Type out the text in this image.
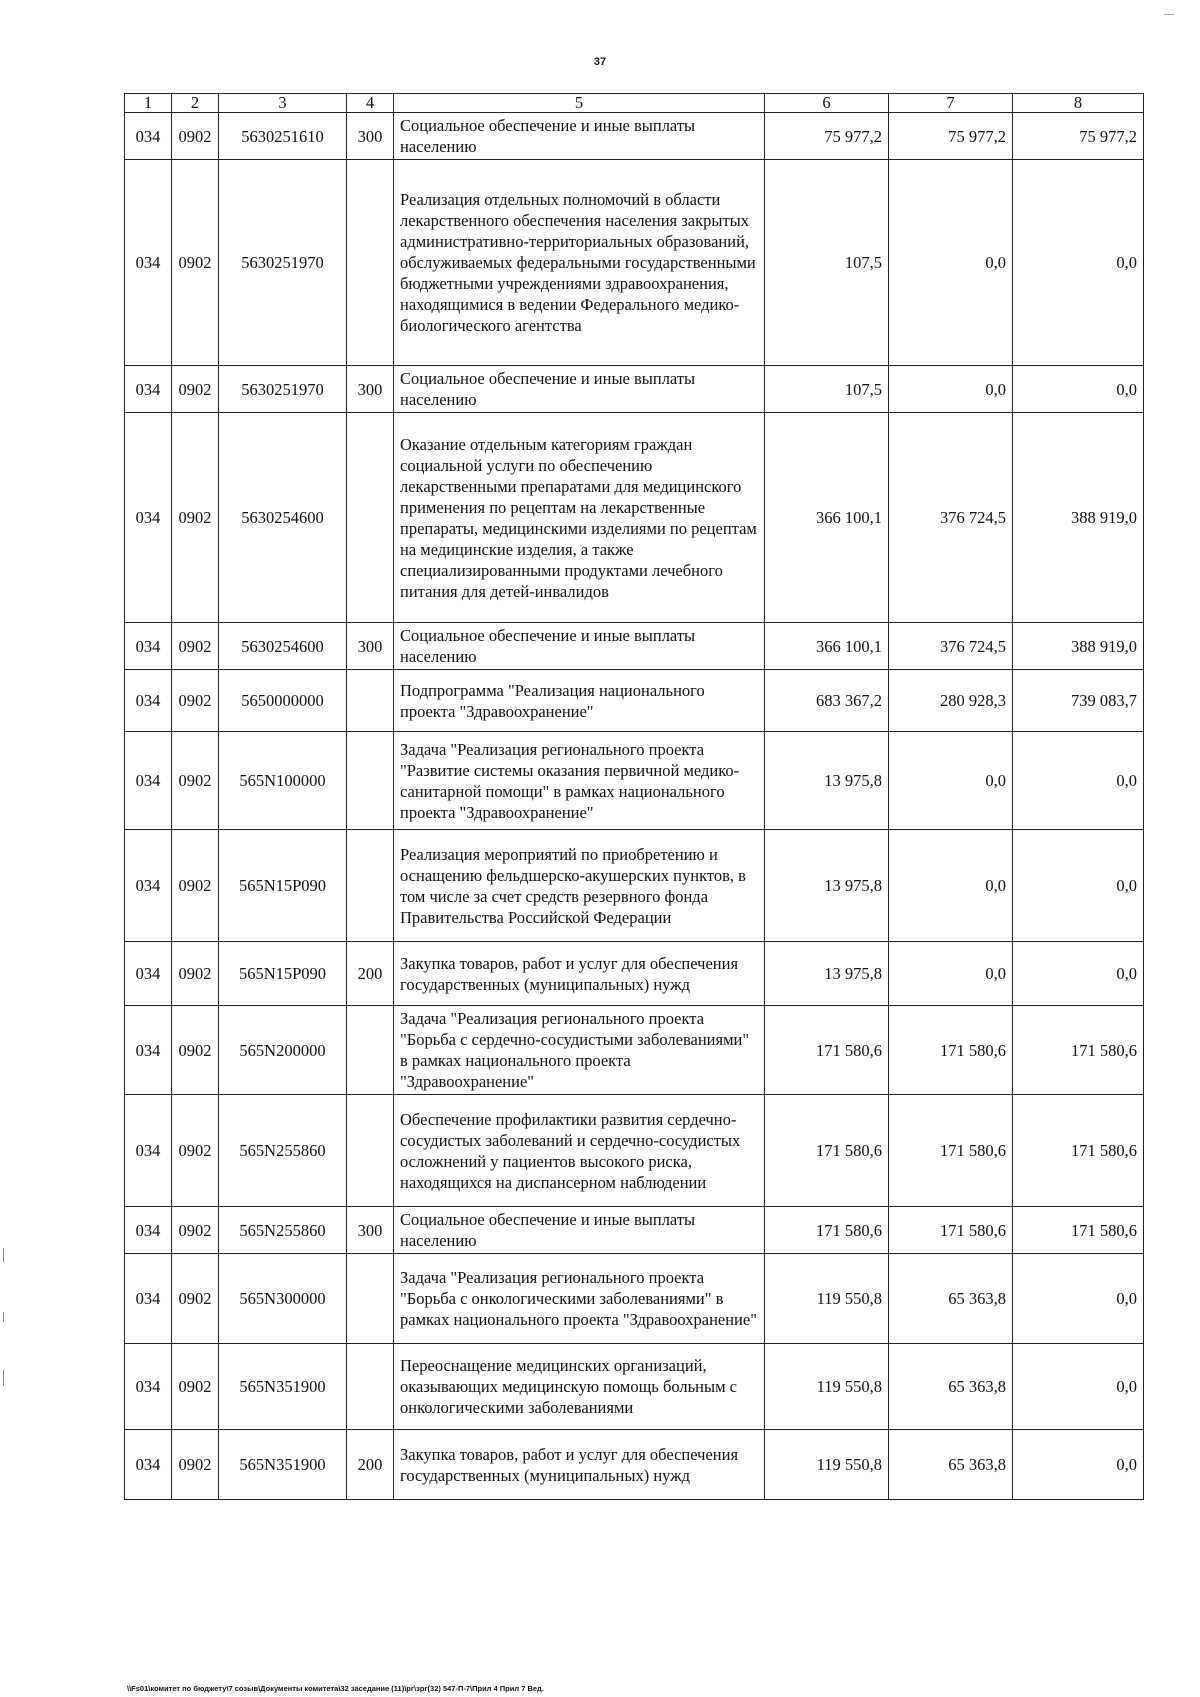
37
1	2	3	4	5	6	7	8
034	0902	5630251610	300	Социальное обеспечение и иные выплаты населению	75 977,2	75 977,2	75 977,2
034	0902	5630251970		Реализация отдельных полномочий в области лекарственного обеспечения населения закрытых административно-территориальных образований, обслуживаемых федеральными государственными бюджетными учреждениями здравоохранения, находящимися в ведении Федерального медико-биологического агентства	107,5	0,0	0,0
034	0902	5630251970	300	Социальное обеспечение и иные выплаты населению	107,5	0,0	0,0
034	0902	5630254600		Оказание отдельным категориям граждан социальной услуги по обеспечению лекарственными препаратами для медицинского применения по рецептам на лекарственные препараты, медицинскими изделиями по рецептам на медицинские изделия, а также специализированными продуктами лечебного питания для детей-инвалидов	366 100,1	376 724,5	388 919,0
034	0902	5630254600	300	Социальное обеспечение и иные выплаты населению	366 100,1	376 724,5	388 919,0
034	0902	5650000000		Подпрограмма "Реализация национального проекта "Здравоохранение"	683 367,2	280 928,3	739 083,7
034	0902	565N100000		Задача "Реализация регионального проекта "Развитие системы оказания первичной медико-санитарной помощи" в рамках национального проекта "Здравоохранение"	13 975,8	0,0	0,0
034	0902	565N15P090		Реализация мероприятий по приобретению и оснащению фельдшерско-акушерских пунктов, в том числе за счет средств резервного фонда Правительства Российской Федерации	13 975,8	0,0	0,0
034	0902	565N15P090	200	Закупка товаров, работ и услуг для обеспечения государственных (муниципальных) нужд	13 975,8	0,0	0,0
034	0902	565N200000		Задача "Реализация регионального проекта "Борьба с сердечно-сосудистыми заболеваниями" в рамках национального проекта "Здравоохранение"	171 580,6	171 580,6	171 580,6
034	0902	565N255860		Обеспечение профилактики развития сердечно-сосудистых заболеваний и сердечно-сосудистых осложнений у пациентов высокого риска, находящихся на диспансерном наблюдении	171 580,6	171 580,6	171 580,6
034	0902	565N255860	300	Социальное обеспечение и иные выплаты населению	171 580,6	171 580,6	171 580,6
034	0902	565N300000		Задача "Реализация регионального проекта "Борьба с онкологическими заболеваниями" в рамках национального проекта "Здравоохранение"	119 550,8	65 363,8	0,0
034	0902	565N351900		Переоснащение медицинских организаций, оказывающих медицинскую помощь больным с онкологическими заболеваниями	119 550,8	65 363,8	0,0
034	0902	565N351900	200	Закупка товаров, работ и услуг для обеспечения государственных (муниципальных) нужд	119 550,8	65 363,8	0,0
\\Fs01\комитет по бюджету\7 созыв\Документы комитета\32 заседание (11)\рг\зрг(32) 547-П-7\Прил 4 Прил 7 Вед.
